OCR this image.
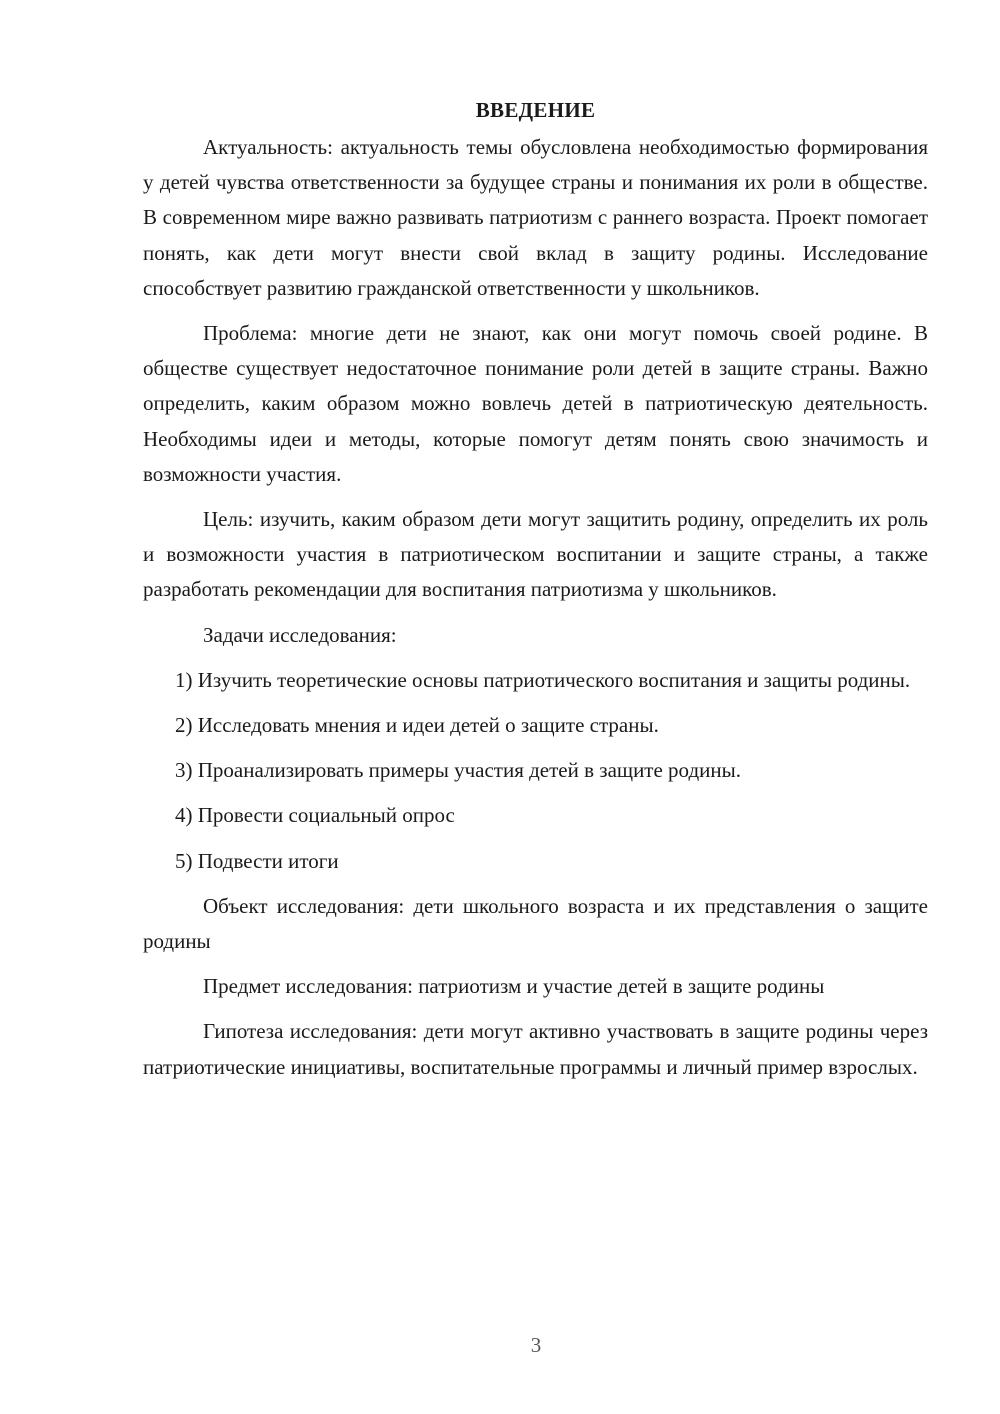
ВВЕДЕНИЕ

Актуальность: актуальность темы обусловлена необходимостью формирования у детей чувства ответственности за будущее страны и понимания их роли в обществе. В современном мире важно развивать патриотизм с раннего возраста. Проект помогает понять, как дети могут внести свой вклад в защиту родины. Исследование способствует развитию гражданской ответственности у школьников.

Проблема: многие дети не знают, как они могут помочь своей родине. В обществе существует недостаточное понимание роли детей в защите страны. Важно определить, каким образом можно вовлечь детей в патриотическую деятельность. Необходимы идеи и методы, которые помогут детям понять свою значимость и возможности участия.

Цель: изучить, каким образом дети могут защитить родину, определить их роль и возможности участия в патриотическом воспитании и защите страны, а также разработать рекомендации для воспитания патриотизма у школьников.

Задачи исследования:

1) Изучить теоретические основы патриотического воспитания и защиты родины.

2) Исследовать мнения и идеи детей о защите страны.

3) Проанализировать примеры участия детей в защите родины.

4) Провести социальный опрос

5) Подвести итоги

Объект исследования: дети школьного возраста и их представления о защите родины

Предмет исследования: патриотизм и участие детей в защите родины

Гипотеза исследования: дети могут активно участвовать в защите родины через патриотические инициативы, воспитательные программы и личный пример взрослых.

3
